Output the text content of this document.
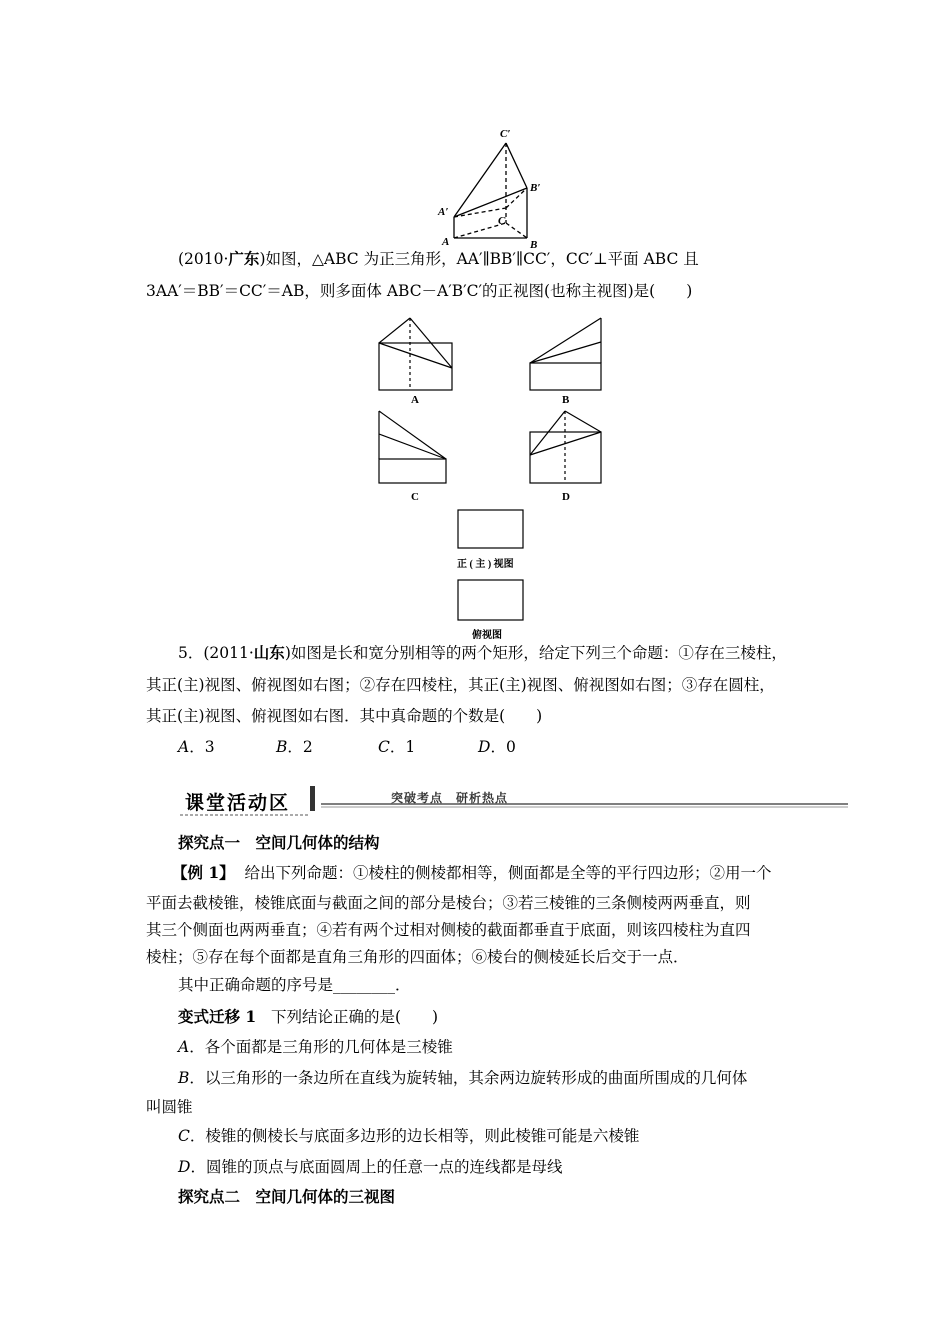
C′
B′
A′
C
A	B
(2010·广东)如图，△ABC 为正三角形，AA′∥BB′∥CC′，CC′⊥平面 ABC 且
3AA′＝BB′＝CC′＝AB，则多面体 ABC－A′B′C′的正视图(也称主视图)是(　　)
A	B
C	D
正 ( 主 ) 视图
俯视图
5．(2011·山东)如图是长和宽分别相等的两个矩形，给定下列三个命题：①存在三棱柱，
其正(主)视图、俯视图如右图；②存在四棱柱，其正(主)视图、俯视图如右图；③存在圆柱，
其正(主)视图、俯视图如右图．其中真命题的个数是(　　)
A．3	B．2	C．1	D．0
课堂活动区	突破考点　研析热点
探究点一　空间几何体的结构
【例 1】 给出下列命题：①棱柱的侧棱都相等，侧面都是全等的平行四边形；②用一个
平面去截棱锥，棱锥底面与截面之间的部分是棱台；③若三棱锥的三条侧棱两两垂直，则
其三个侧面也两两垂直；④若有两个过相对侧棱的截面都垂直于底面，则该四棱柱为直四
棱柱；⑤存在每个面都是直角三角形的四面体；⑥棱台的侧棱延长后交于一点．
其中正确命题的序号是________．
变式迁移 1 下列结论正确的是(　　)
A．各个面都是三角形的几何体是三棱锥
B．以三角形的一条边所在直线为旋转轴，其余两边旋转形成的曲面所围成的几何体
叫圆锥
C．棱锥的侧棱长与底面多边形的边长相等，则此棱锥可能是六棱锥
D．圆锥的顶点与底面圆周上的任意一点的连线都是母线
探究点二　空间几何体的三视图
